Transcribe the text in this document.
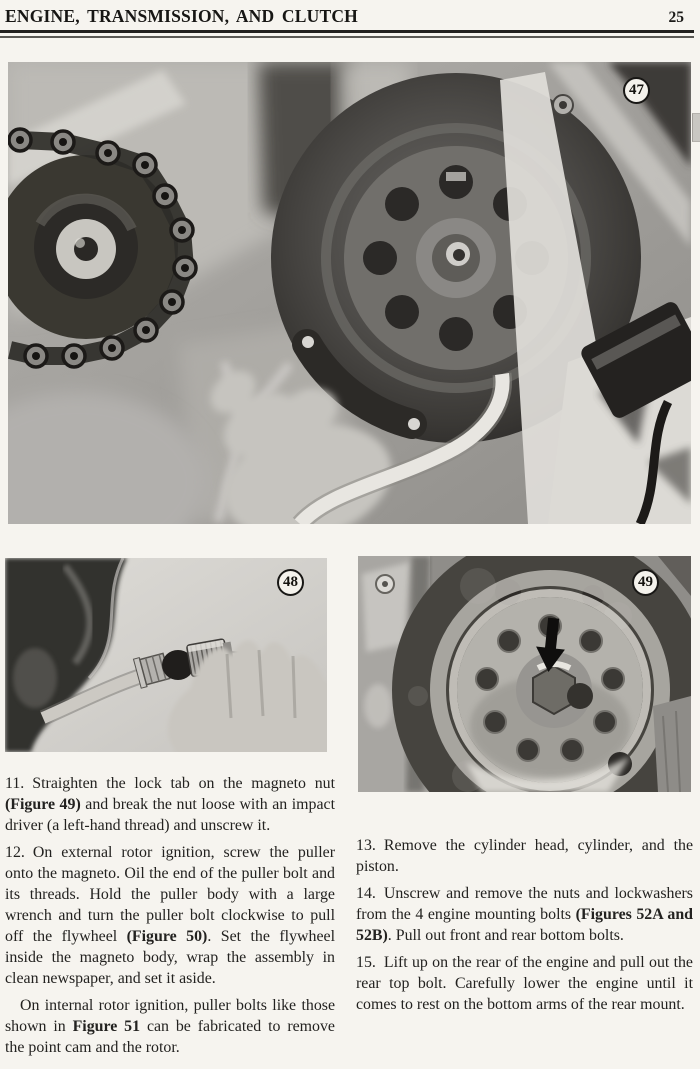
ENGINE, TRANSMISSION, AND CLUTCH	25
47
48	49

11. Straighten the lock tab on the magneto nut (Figure 49) and break the nut loose with an impact driver (a left-hand thread) and unscrew it.

12. On external rotor ignition, screw the puller onto the magneto. Oil the end of the puller bolt and its threads. Hold the puller body with a large wrench and turn the puller bolt clockwise to pull off the flywheel (Figure 50). Set the flywheel inside the magneto body, wrap the assembly in clean newspaper, and set it aside.

On internal rotor ignition, puller bolts like those shown in Figure 51 can be fabricated to remove the point cam and the rotor.

13. Remove the cylinder head, cylinder, and the piston.

14. Unscrew and remove the nuts and lockwashers from the 4 engine mounting bolts (Figures 52A and 52B). Pull out front and rear bottom bolts.

15. Lift up on the rear of the engine and pull out the rear top bolt. Carefully lower the engine until it comes to rest on the bottom arms of the rear mount.
